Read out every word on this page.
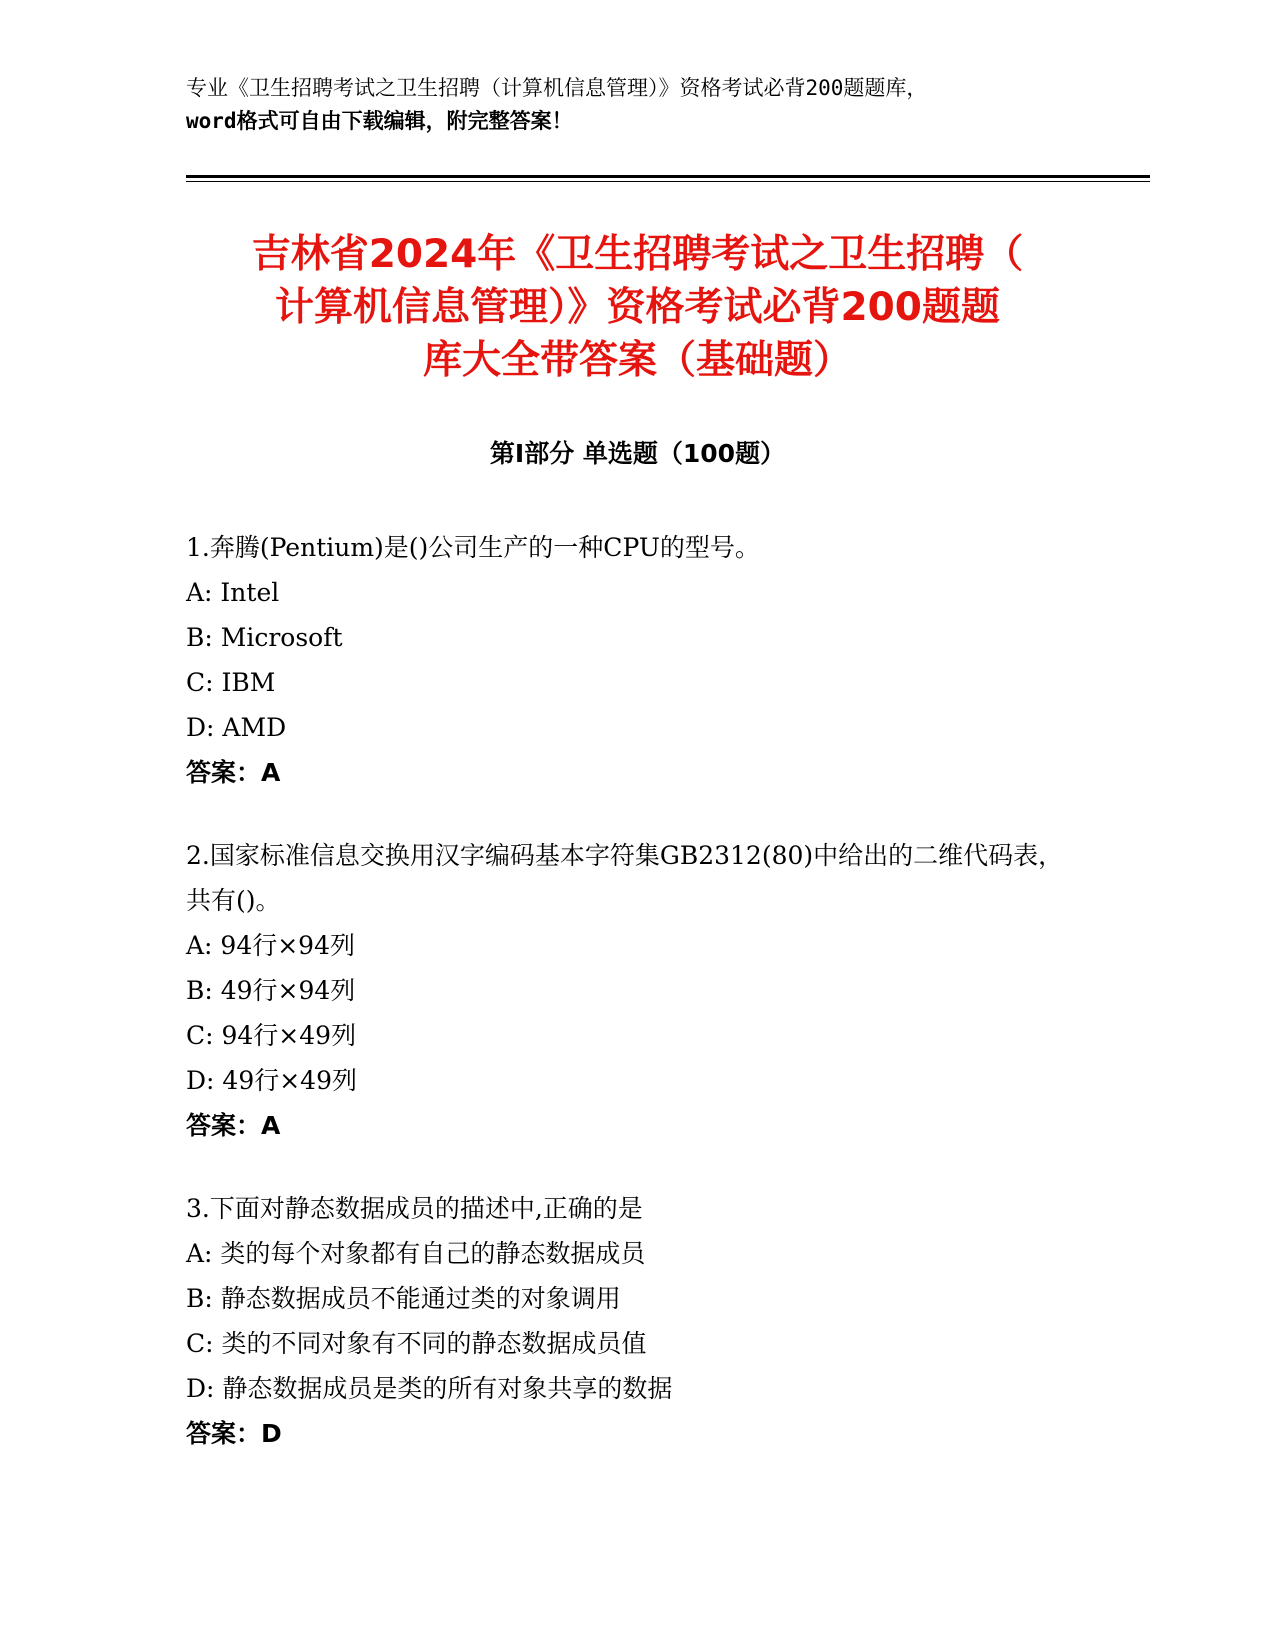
专业《卫生招聘考试之卫生招聘（计算机信息管理）》资格考试必背200题题库，
word格式可自由下载编辑，附完整答案！
吉林省2024年《卫生招聘考试之卫生招聘（
计算机信息管理）》资格考试必背200题题
库大全带答案（基础题）
第Ⅰ部分 单选题（100题）
1.奔腾(Pentium)是()公司生产的一种CPU的型号。
A: Intel
B: Microsoft
C: IBM
D: AMD
答案：A
2.国家标准信息交换用汉字编码基本字符集GB2312(80)中给出的二维代码表，共有()。
A: 94行×94列
B: 49行×94列
C: 94行×49列
D: 49行×49列
答案：A
3.下面对静态数据成员的描述中,正确的是
A: 类的每个对象都有自己的静态数据成员
B: 静态数据成员不能通过类的对象调用
C: 类的不同对象有不同的静态数据成员值
D: 静态数据成员是类的所有对象共享的数据
答案：D
